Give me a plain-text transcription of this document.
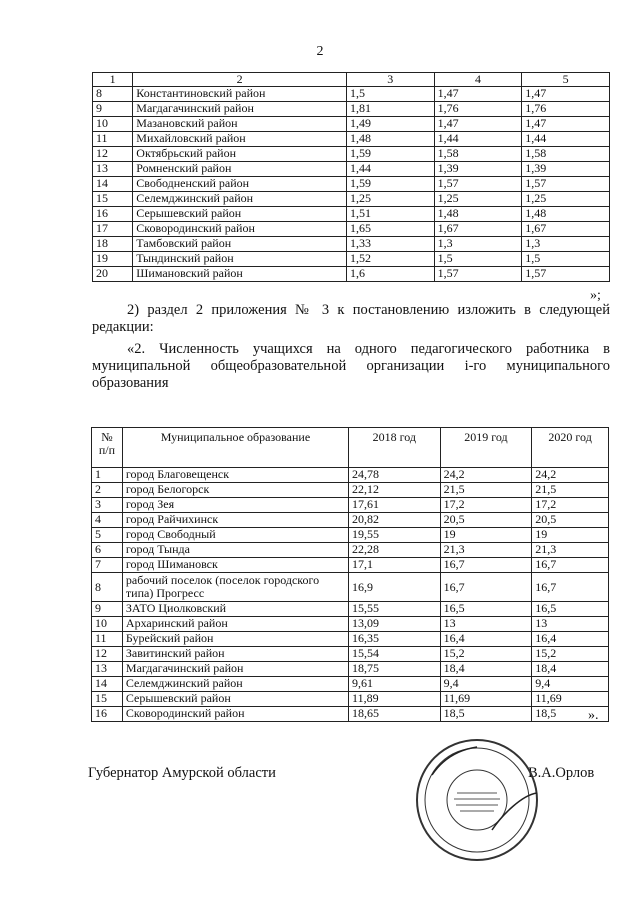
2
1	2	3	4	5
8	Константиновский район	1,5	1,47	1,47
9	Магдагачинский район	1,81	1,76	1,76
10	Мазановский район	1,49	1,47	1,47
11	Михайловский район	1,48	1,44	1,44
12	Октябрьский район	1,59	1,58	1,58
13	Ромненский район	1,44	1,39	1,39
14	Свободненский район	1,59	1,57	1,57
15	Селемджинский район	1,25	1,25	1,25
16	Серышевский район	1,51	1,48	1,48
17	Сковородинский район	1,65	1,67	1,67
18	Тамбовский район	1,33	1,3	1,3
19	Тындинский район	1,52	1,5	1,5
20	Шимановский район	1,6	1,57	1,57
»;
2) раздел 2 приложения № 3 к постановлению изложить в следующей редакции:
«2. Численность учащихся на одного педагогического работника в муниципальной общеобразовательной организации i-го муниципального образования
№ п/п	Муниципальное образование	2018 год	2019 год	2020 год
1	город Благовещенск	24,78	24,2	24,2
2	город Белогорск	22,12	21,5	21,5
3	город Зея	17,61	17,2	17,2
4	город Райчихинск	20,82	20,5	20,5
5	город Свободный	19,55	19	19
6	город Тында	22,28	21,3	21,3
7	город Шимановск	17,1	16,7	16,7
8	рабочий поселок (поселок городского типа) Прогресс	16,9	16,7	16,7
9	ЗАТО Циолковский	15,55	16,5	16,5
10	Архаринский район	13,09	13	13
11	Бурейский район	16,35	16,4	16,4
12	Завитинский район	15,54	15,2	15,2
13	Магдагачинский район	18,75	18,4	18,4
14	Селемджинский район	9,61	9,4	9,4
15	Серышевский район	11,89	11,69	11,69
16	Сковородинский район	18,65	18,5	18,5 ».
Губернатор Амурской области	В.А.Орлов
